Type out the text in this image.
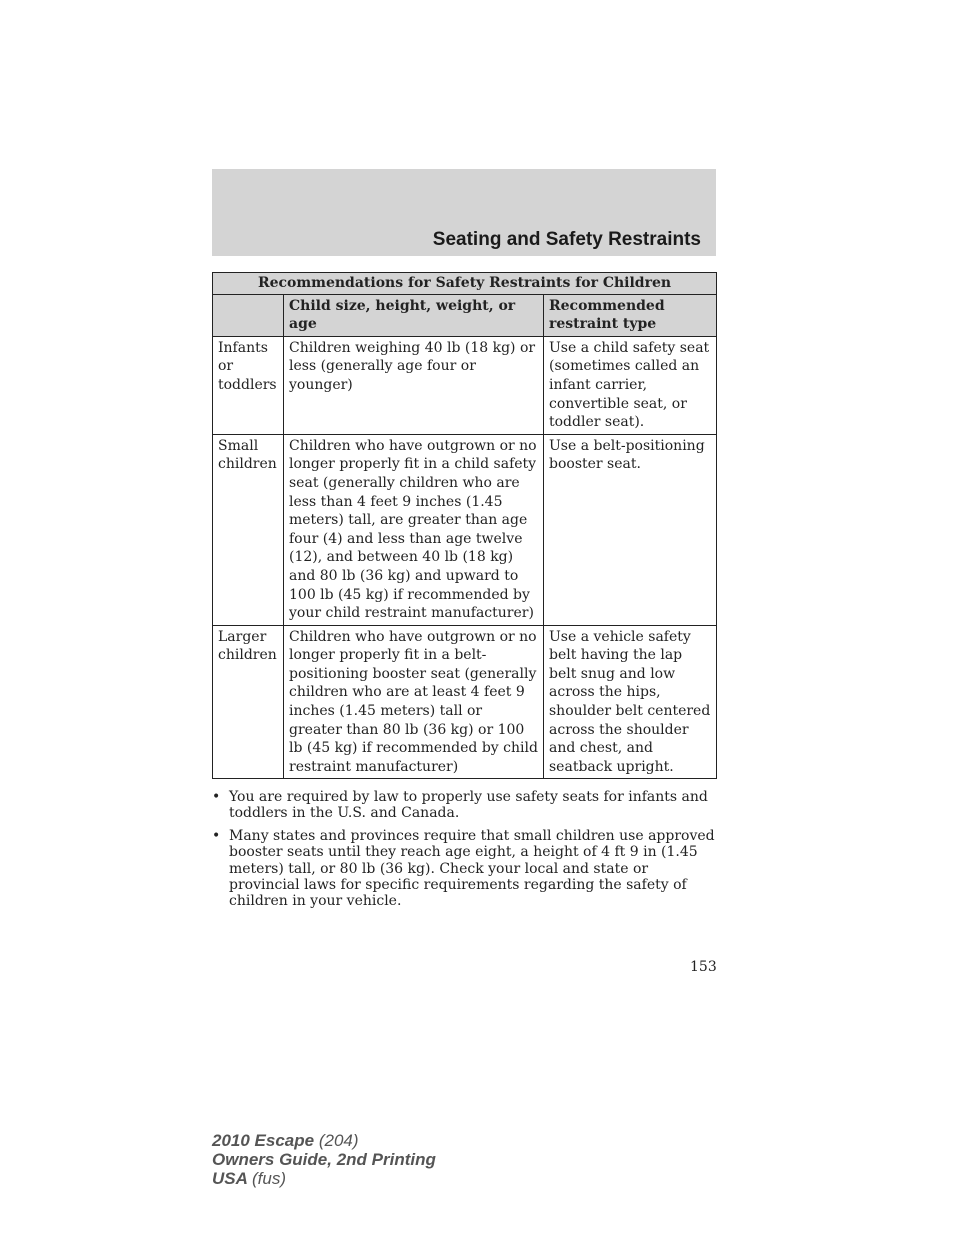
Seating and Safety Restraints
Recommendations for Safety Restraints for Children		
	Child size, height, weight, or age	Recommended restraint type
Infants or toddlers	Children weighing 40 lb (18 kg) or less (generally age four or younger)	Use a child safety seat (sometimes called an infant carrier, convertible seat, or toddler seat).
Small children	Children who have outgrown or no longer properly fit in a child safety seat (generally children who are less than 4 feet 9 inches (1.45 meters) tall, are greater than age four (4) and less than age twelve (12), and between 40 lb (18 kg) and 80 lb (36 kg) and upward to 100 lb (45 kg) if recommended by your child restraint manufacturer)	Use a belt-positioning booster seat.
Larger children	Children who have outgrown or no longer properly fit in a belt-positioning booster seat (generally children who are at least 4 feet 9 inches (1.45 meters) tall or greater than 80 lb (36 kg) or 100 lb (45 kg) if recommended by child restraint manufacturer)	Use a vehicle safety belt having the lap belt snug and low across the hips, shoulder belt centered across the shoulder and chest, and seatback upright.
• You are required by law to properly use safety seats for infants and toddlers in the U.S. and Canada.
• Many states and provinces require that small children use approved booster seats until they reach age eight, a height of 4 ft 9 in (1.45 meters) tall, or 80 lb (36 kg). Check your local and state or provincial laws for specific requirements regarding the safety of children in your vehicle.
153
2010 Escape (204)
Owners Guide, 2nd Printing
USA (fus)
